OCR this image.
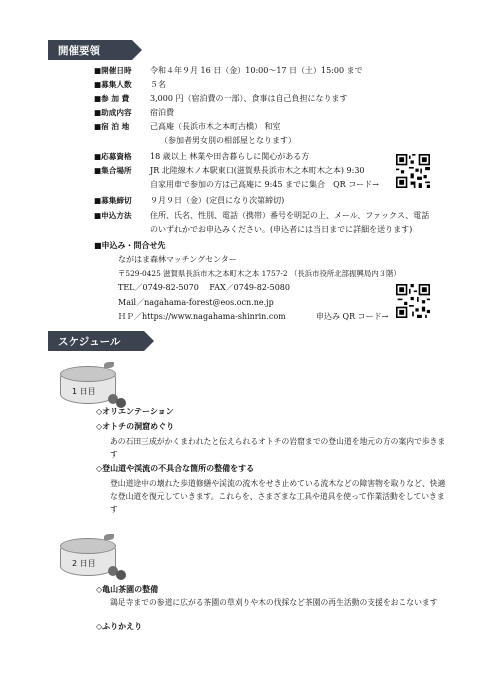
開催要領
■開催日時 令和４年９月 16 日（金）10:00～17 日（土）15:00 まで
■募集人数 ５名
■参 加 費	3,000 円（宿泊費の一部）、食事は自己負担になります
■助成内容 宿泊費
■宿 泊 地	己高庵（長浜市木之本町古橋） 和室
（参加者男女別の相部屋となります）
■応募資格 18 歳以上 林業や田舎暮らしに関心がある方
■集合場所 JR 北陸線木ノ本駅東口(滋賀県長浜市木之本町木之本) 9:30
自家用車で参加の方は己高庵に 9:45 までに集合　 QR コード→
■募集締切 ９月９日（金）(定員になり次第締切)
■申込方法 住所、氏名、性別、電話（携帯）番号を明記の上、メール、ファックス、電話
のいずれかでお申込みください。(申込者には当日までに詳細を送ります)
■申込み・問合せ先
ながはま森林マッチングセンター
〒529-0425 滋賀県長浜市木之本町木之本 1757-2 （長浜市役所北部振興局内３階）
TEL／0749-82-5070　 FAX／0749-82-5080
Mail／nagahama-forest@eos.ocn.ne.jp
ＨＰ／https://www.nagahama-shinrin.com	申込み QR コード→
スケジュール
1 日目
◇オリエンテーション
◇オトチの洞窟めぐり
あの石田三成がかくまわれたと伝えられるオトチの岩窟までの登山道を地元の方の案内で歩きます
◇登山道や渓流の不具合な箇所の整備をする
登山道途中の壊れた歩道修繕や渓流の流木をせき止めている流木などの障害物を取りなど、快適な登山道を復元していきます。これらを、さまざまな工具や道具を使って作業活動をしていきます
2 日目
◇亀山茶園の整備
鶏足寺までの参道に広がる茶園の草刈りや木の伐採など茶園の再生活動の支援をおこないます
◇ふりかえり
